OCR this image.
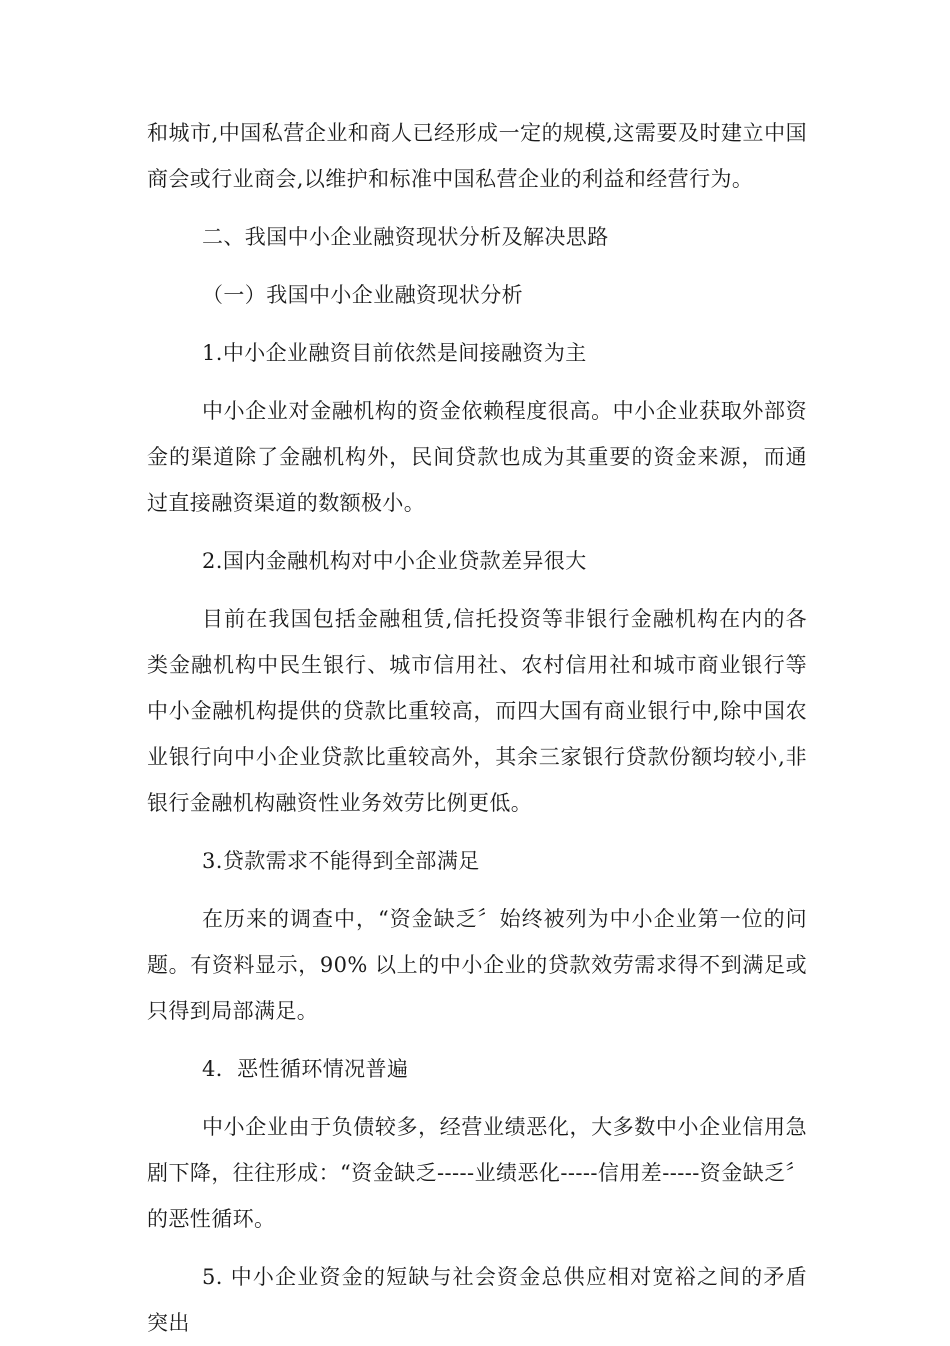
和城市,中国私营企业和商人已经形成一定的规模,这需要及时建立中国商会或行业商会,以维护和标准中国私营企业的利益和经营行为。

二、我国中小企业融资现状分析及解决思路

（一）我国中小企业融资现状分析

1.中小企业融资目前依然是间接融资为主

中小企业对金融机构的资金依赖程度很高。中小企业获取外部资金的渠道除了金融机构外，民间贷款也成为其重要的资金来源，而通过直接融资渠道的数额极小。

2.国内金融机构对中小企业贷款差异很大

目前在我国包括金融租赁,信托投资等非银行金融机构在内的各类金融机构中民生银行、城市信用社、农村信用社和城市商业银行等中小金融机构提供的贷款比重较高，而四大国有商业银行中,除中国农业银行向中小企业贷款比重较高外，其余三家银行贷款份额均较小,非银行金融机构融资性业务效劳比例更低。

3.贷款需求不能得到全部满足

在历来的调查中，“资金缺乏〞始终被列为中小企业第一位的问题。有资料显示，90% 以上的中小企业的贷款效劳需求得不到满足或只得到局部满足。

4．恶性循环情况普遍

中小企业由于负债较多，经营业绩恶化，大多数中小企业信用急剧下降，往往形成：“资金缺乏-----业绩恶化-----信用差-----资金缺乏〞的恶性循环。

5. 中小企业资金的短缺与社会资金总供应相对宽裕之间的矛盾突出
